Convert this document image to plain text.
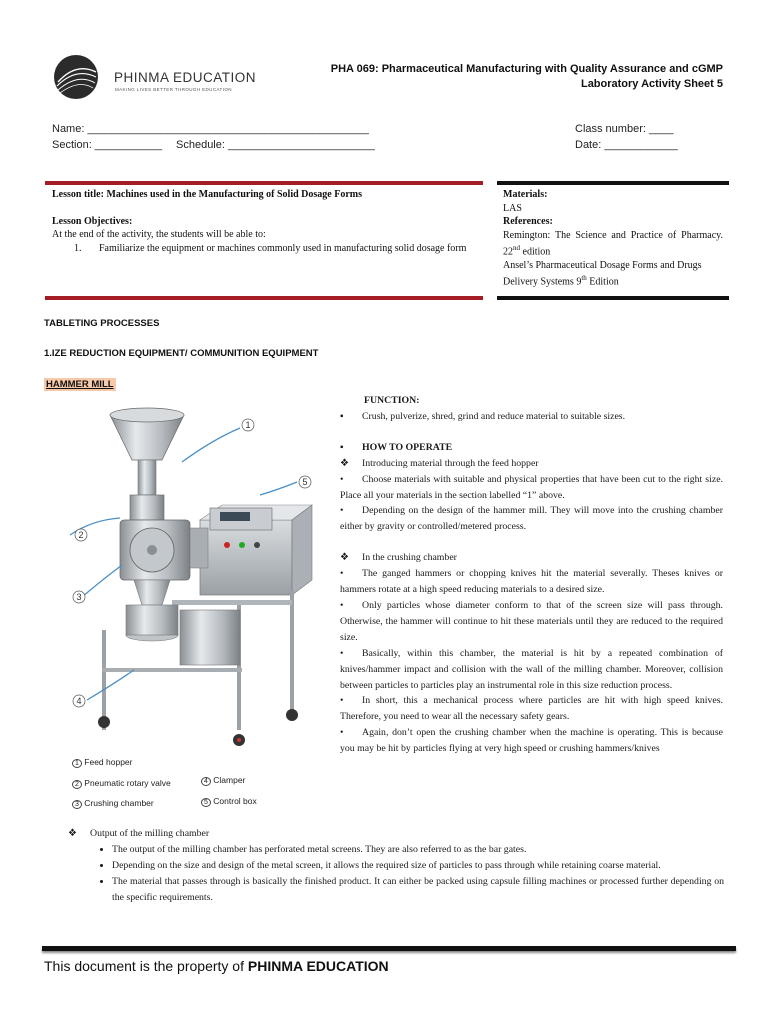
PHINMA EDUCATION
MAKING LIVES BETTER THROUGH EDUCATION
PHA 069: Pharmaceutical Manufacturing with Quality Assurance and cGMP
Laboratory Activity Sheet 5
Name: ______________________________________________
Section: ___________ Schedule: ________________________
Class number: ____
Date: ____________
Lesson title: Machines used in the Manufacturing of Solid Dosage Forms
Lesson Objectives:
At the end of the activity, the students will be able to:
1.	Familiarize the equipment or machines commonly used in manufacturing solid dosage form
Materials:
LAS
References:
Remington: The Science and Practice of Pharmacy. 22nd edition
Ansel’s Pharmaceutical Dosage Forms and Drugs Delivery Systems 9th Edition
TABLETING PROCESSES
1.IZE REDUCTION EQUIPMENT/ COMMUNITION EQUIPMENT
HAMMER MILL
1
2
3
4
5
1 Feed hopper
2 Pneumatic rotary valve
3 Crushing chamber
4 Clamper
5 Control box

FUNCTION:

▪ Crush, pulverize, shred, grind and reduce material to suitable sizes.

▪ HOW TO OPERATE

❖ Introducing material through the feed hopper

• Choose materials with suitable and physical properties that have been cut to the right size. Place all your materials in the section labelled “1” above.

• Depending on the design of the hammer mill. They will move into the crushing chamber either by gravity or controlled/metered process.

❖ In the crushing chamber

• The ganged hammers or chopping knives hit the material severally. Theses knives or hammers rotate at a high speed reducing materials to a desired size.

• Only particles whose diameter conform to that of the screen size will pass through. Otherwise, the hammer will continue to hit these materials until they are reduced to the required size.

• Basically, within this chamber, the material is hit by a repeated combination of knives/hammer impact and collision with the wall of the milling chamber. Moreover, collision between particles to particles play an instrumental role in this size reduction process.

• In short, this a mechanical process where particles are hit with high speed knives. Therefore, you need to wear all the necessary safety gears.

• Again, don’t open the crushing chamber when the machine is operating. This is because you may be hit by particles flying at very high speed or crushing hammers/knives

❖ Output of the milling chamber
• The output of the milling chamber has perforated metal screens. They are also referred to as the bar gates.
• Depending on the size and design of the metal screen, it allows the required size of particles to pass through while retaining coarse material.
• The material that passes through is basically the finished product. It can either be packed using capsule filling machines or processed further depending on the specific requirements.
This document is the property of PHINMA EDUCATION
